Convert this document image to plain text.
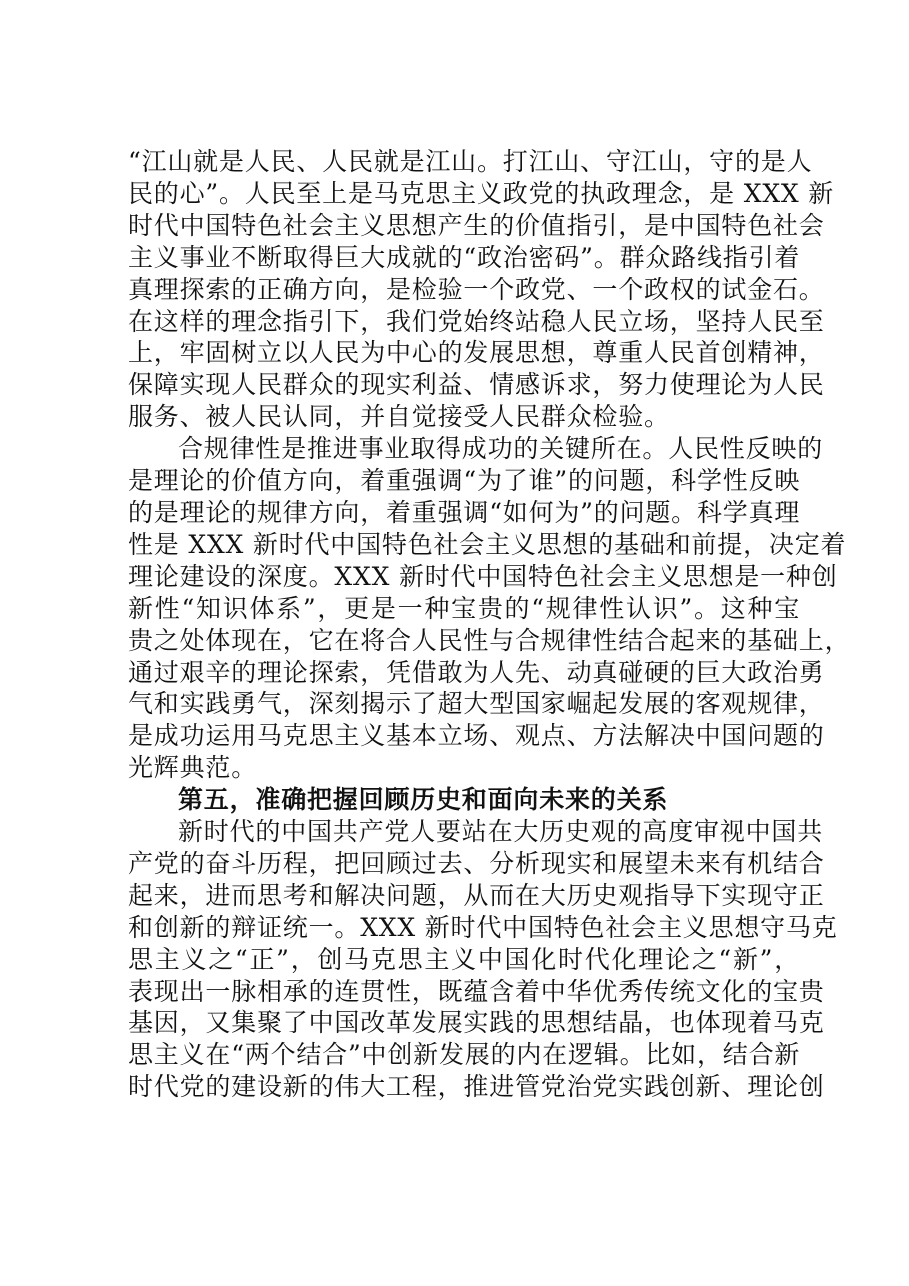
“江山就是人民、人民就是江山。打江山、守江山，守的是人
民的心”。人民至上是马克思主义政党的执政理念，是 XXX 新
时代中国特色社会主义思想产生的价值指引，是中国特色社会
主义事业不断取得巨大成就的“政治密码”。群众路线指引着
真理探索的正确方向，是检验一个政党、一个政权的试金石。
在这样的理念指引下，我们党始终站稳人民立场，坚持人民至
上，牢固树立以人民为中心的发展思想，尊重人民首创精神，
保障实现人民群众的现实利益、情感诉求，努力使理论为人民
服务、被人民认同，并自觉接受人民群众检验。

合规律性是推进事业取得成功的关键所在。人民性反映的
是理论的价值方向，着重强调“为了谁”的问题，科学性反映
的是理论的规律方向，着重强调“如何为”的问题。科学真理
性是 XXX 新时代中国特色社会主义思想的基础和前提，决定着
理论建设的深度。XXX 新时代中国特色社会主义思想是一种创
新性“知识体系”，更是一种宝贵的“规律性认识”。这种宝
贵之处体现在，它在将合人民性与合规律性结合起来的基础上，
通过艰辛的理论探索，凭借敢为人先、动真碰硬的巨大政治勇
气和实践勇气，深刻揭示了超大型国家崛起发展的客观规律，
是成功运用马克思主义基本立场、观点、方法解决中国问题的
光辉典范。

第五，准确把握回顾历史和面向未来的关系

新时代的中国共产党人要站在大历史观的高度审视中国共
产党的奋斗历程，把回顾过去、分析现实和展望未来有机结合
起来，进而思考和解决问题，从而在大历史观指导下实现守正
和创新的辩证统一。XXX 新时代中国特色社会主义思想守马克
思主义之“正”，创马克思主义中国化时代化理论之“新”，
表现出一脉相承的连贯性，既蕴含着中华优秀传统文化的宝贵
基因，又集聚了中国改革发展实践的思想结晶，也体现着马克
思主义在“两个结合”中创新发展的内在逻辑。比如，结合新
时代党的建设新的伟大工程，推进管党治党实践创新、理论创
